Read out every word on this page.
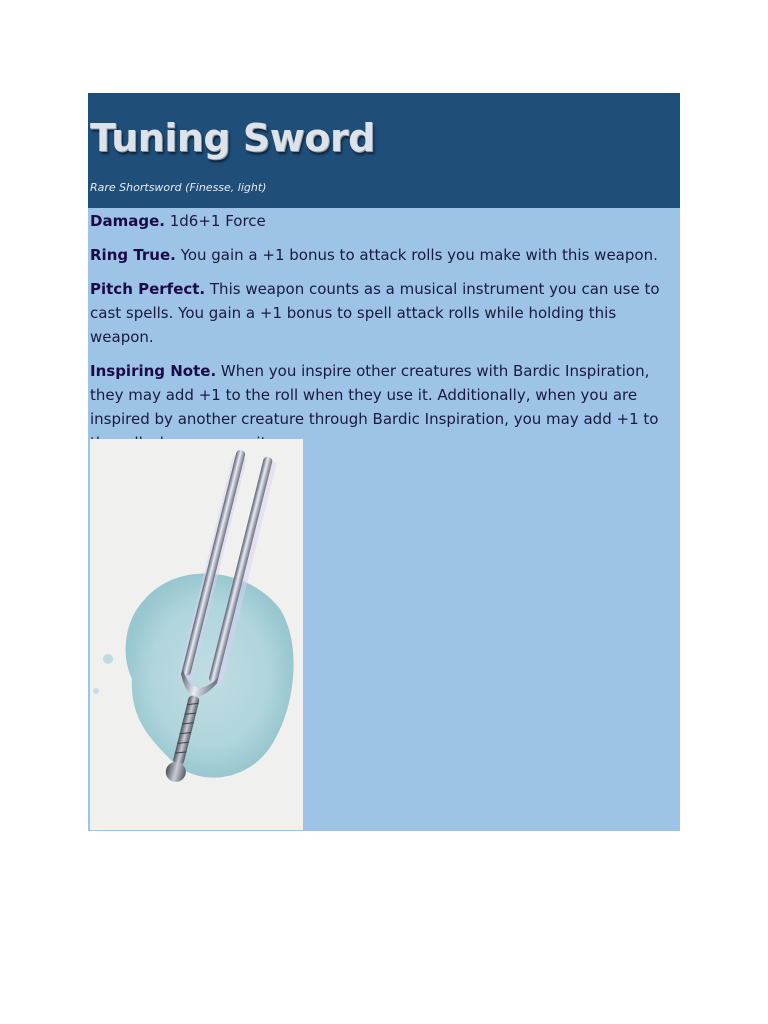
Tuning Sword
Rare Shortsword (Finesse, light)

Damage. 1d6+1 Force

Ring True. You gain a +1 bonus to attack rolls you make with this weapon.

Pitch Perfect. This weapon counts as a musical instrument you can use to cast spells. You gain a +1 bonus to spell attack rolls while holding this weapon.

Inspiring Note. When you inspire other creatures with Bardic Inspiration, they may add +1 to the roll when they use it. Additionally, when you are inspired by another creature through Bardic Inspiration, you may add +1 to
